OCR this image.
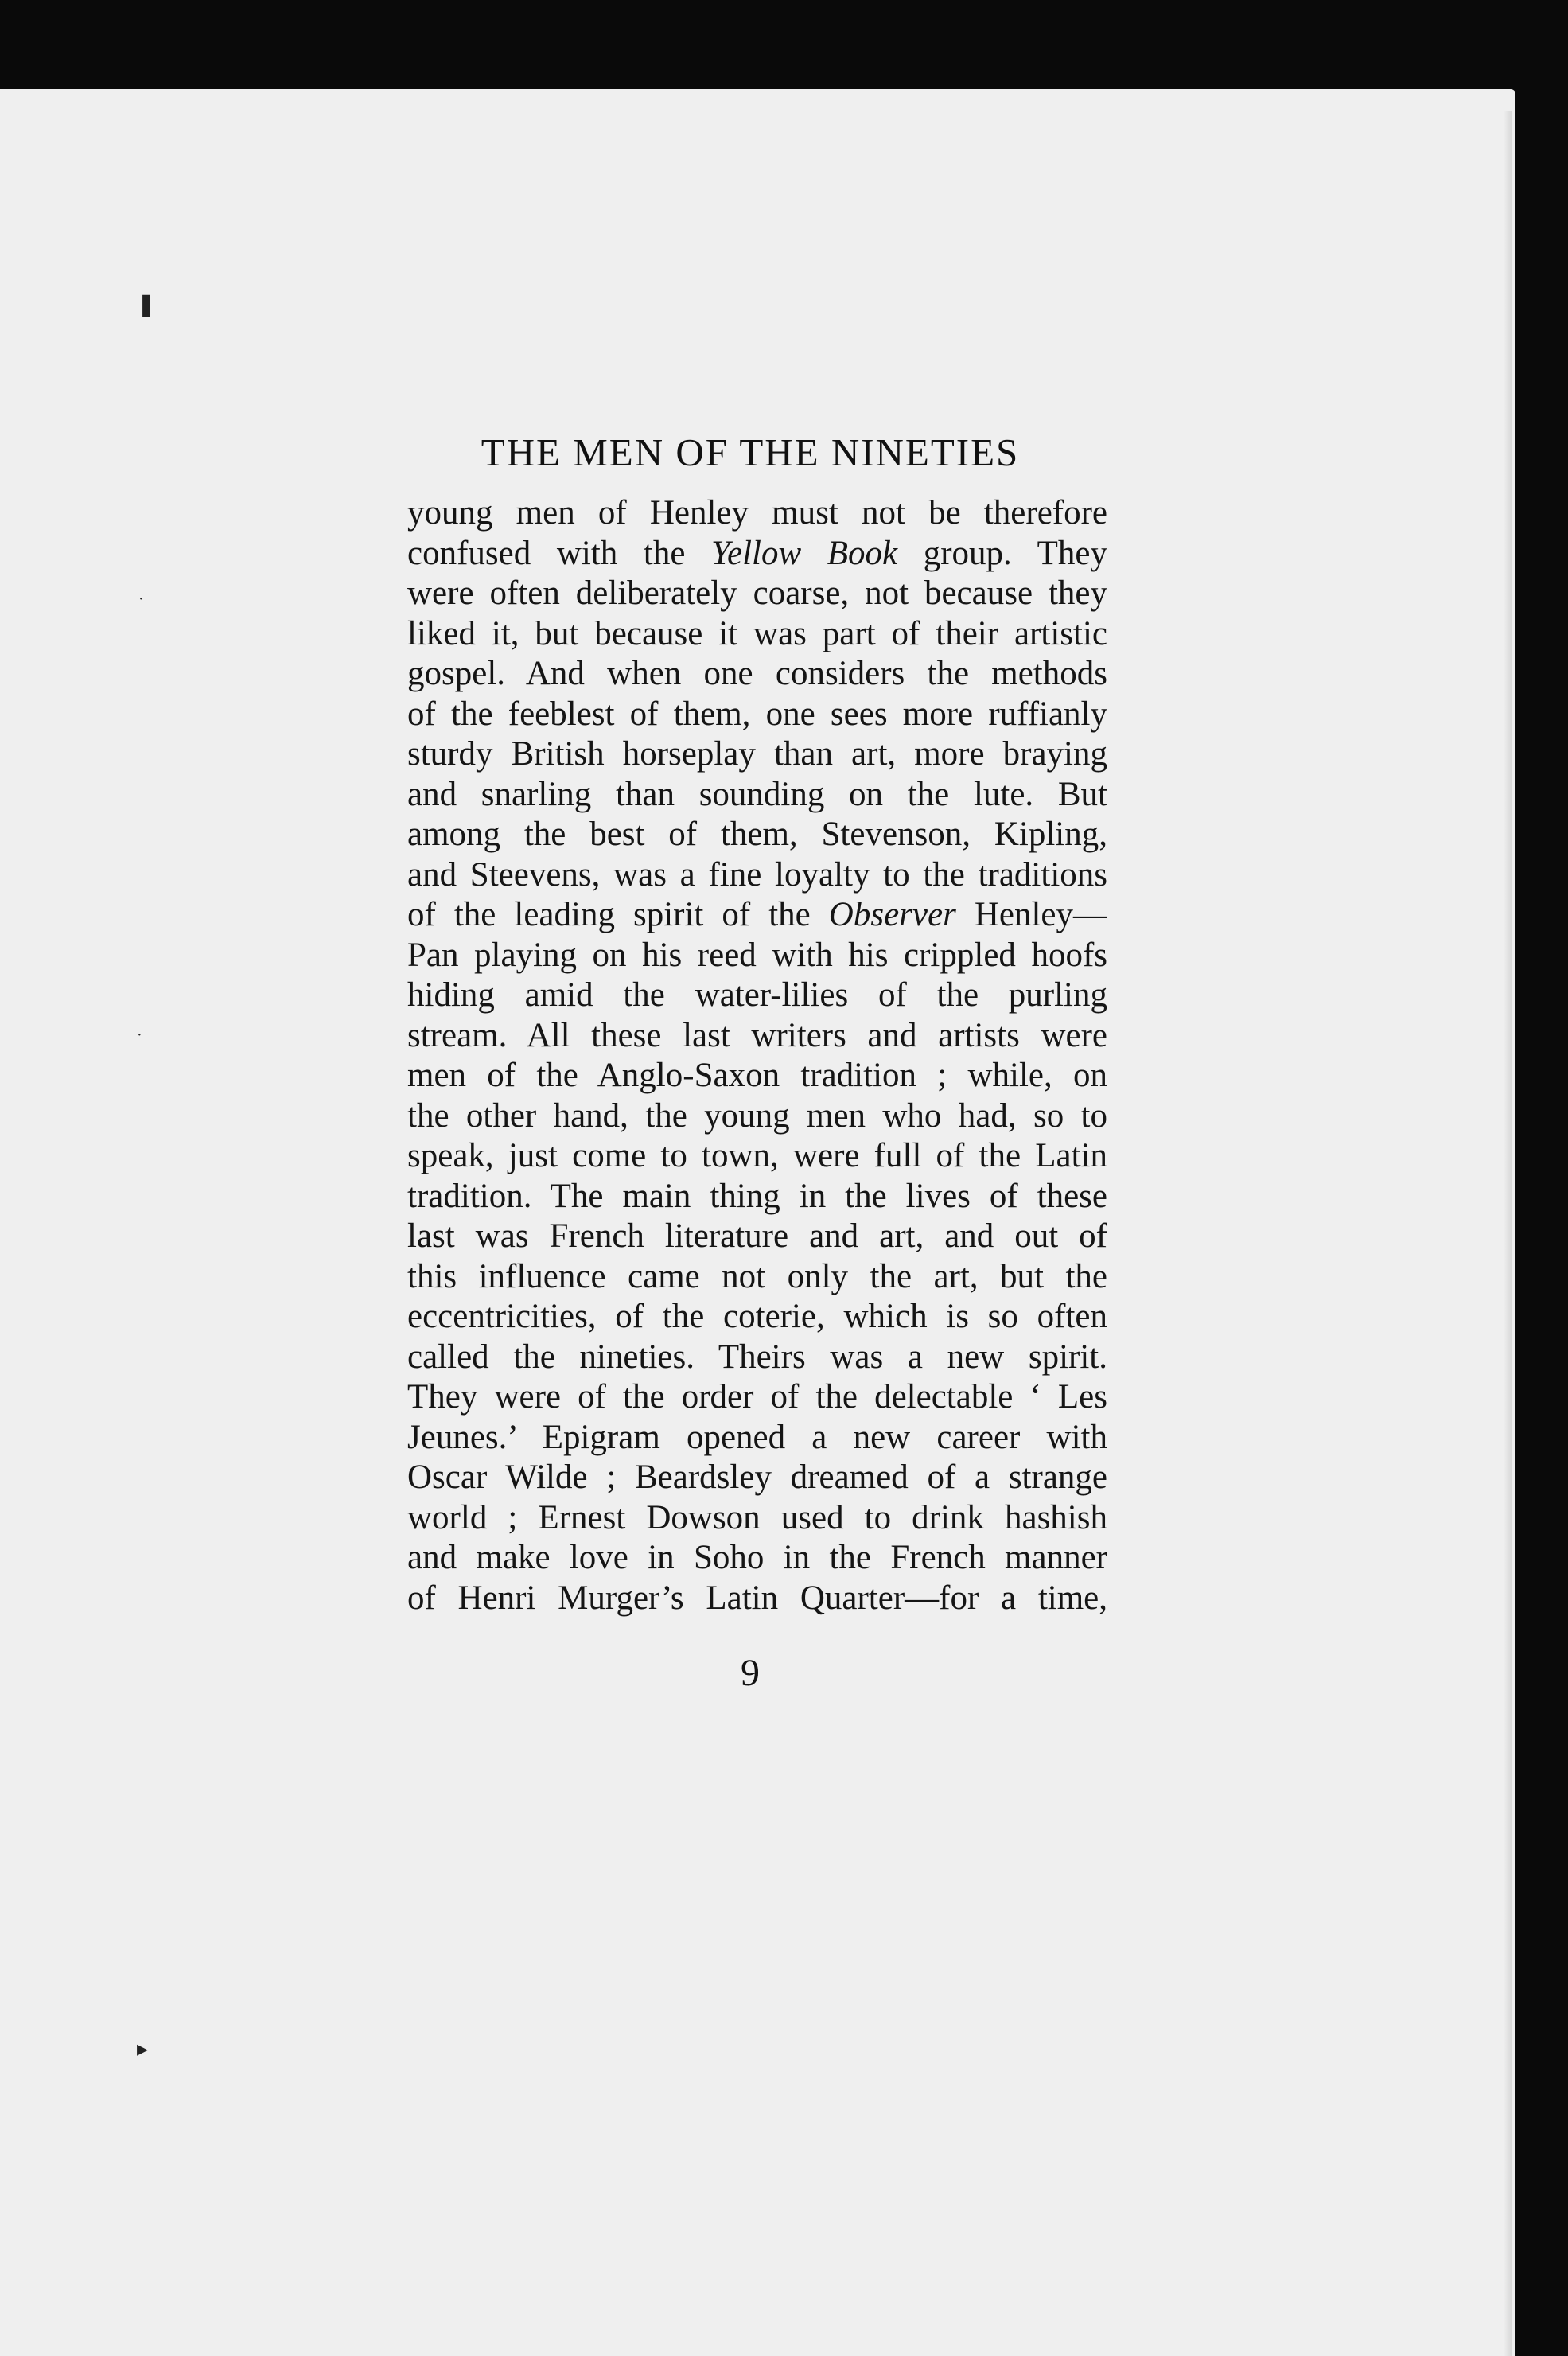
❚
·
·
▸
THE MEN OF THE NINETIES
young men of Henley must not be therefore
confused with the Yellow Book group. They
were often deliberately coarse, not because they
liked it, but because it was part of their artistic
gospel. And when one considers the methods
of the feeblest of them, one sees more ruffianly
sturdy British horseplay than art, more braying
and snarling than sounding on the lute. But
among the best of them, Stevenson, Kipling,
and Steevens, was a fine loyalty to the traditions
of the leading spirit of the Observer Henley—
Pan playing on his reed with his crippled hoofs
hiding amid the water-lilies of the purling
stream. All these last writers and artists were
men of the Anglo-Saxon tradition ; while, on
the other hand, the young men who had, so to
speak, just come to town, were full of the Latin
tradition. The main thing in the lives of these
last was French literature and art, and out of
this influence came not only the art, but the
eccentricities, of the coterie, which is so often
called the nineties. Theirs was a new spirit.
They were of the order of the delectable ‘ Les
Jeunes.’ Epigram opened a new career with
Oscar Wilde ; Beardsley dreamed of a strange
world ; Ernest Dowson used to drink hashish
and make love in Soho in the French manner
of Henri Murger’s Latin Quarter—for a time,
9
